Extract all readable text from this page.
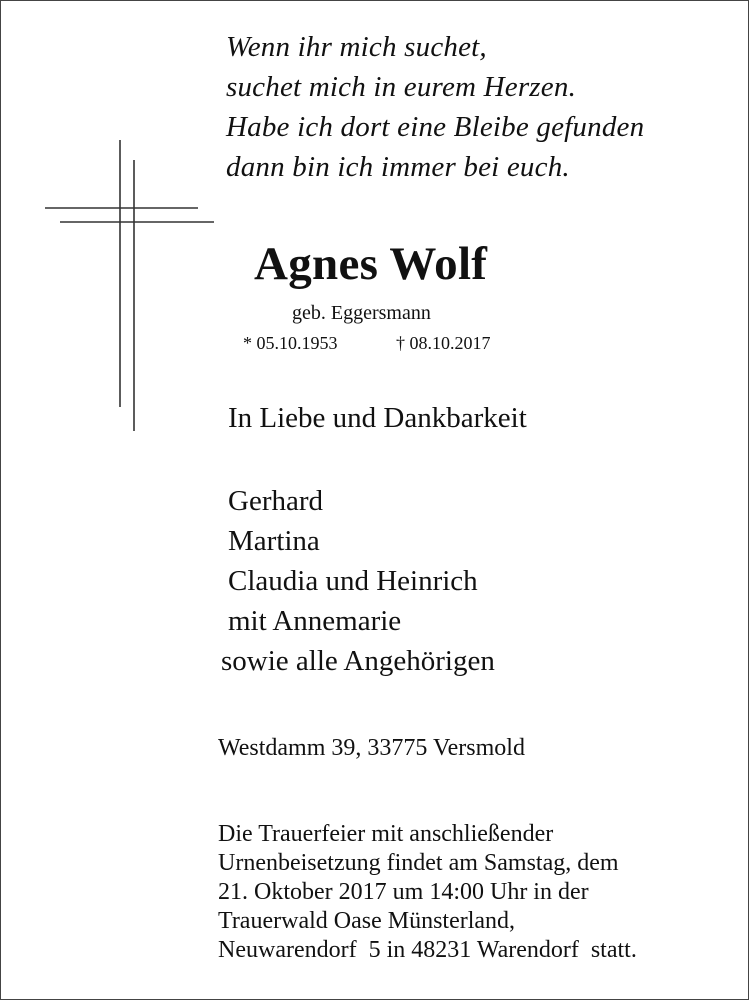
Wenn ihr mich suchet,
suchet mich in eurem Herzen.
Habe ich dort eine Bleibe gefunden
dann bin ich immer bei euch.
Agnes Wolf
geb. Eggersmann
* 05.10.1953	† 08.10.2017
In Liebe und Dankbarkeit
Gerhard
Martina
Claudia und Heinrich
mit Annemarie
sowie alle Angehörigen
Westdamm 39, 33775 Versmold
Die Trauerfeier mit anschließender
Urnenbeisetzung findet am Samstag, dem
21. Oktober 2017 um 14:00 Uhr in der
Trauerwald Oase Münsterland,
Neuwarendorf  5 in 48231 Warendorf  statt.
